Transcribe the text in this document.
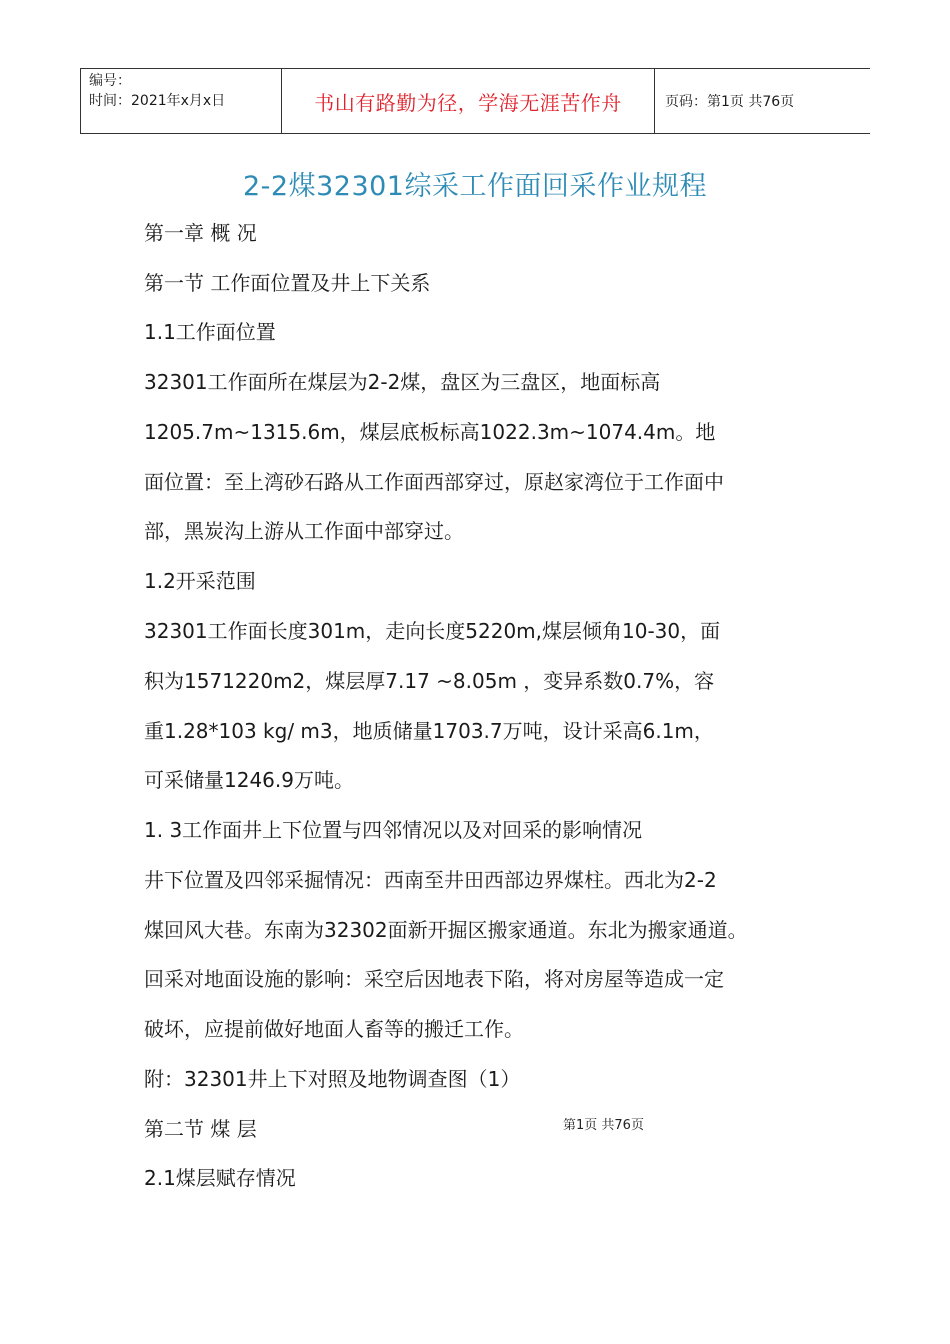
编号：
时间：2021年x月x日	书山有路勤为径，学海无涯苦作舟	页码：第1页 共76页
2-2煤32301综采工作面回采作业规程
第一章 概 况
第一节 工作面位置及井上下关系
1.1工作面位置
32301工作面所在煤层为2-2煤，盘区为三盘区，地面标高
1205.7m~1315.6m，煤层底板标高1022.3m~1074.4m。地
面位置：至上湾砂石路从工作面西部穿过，原赵家湾位于工作面中
部，黑炭沟上游从工作面中部穿过。
1.2开采范围
32301工作面长度301m，走向长度5220m,煤层倾角10-30，面
积为1571220m2，煤层厚7.17 ~8.05m ，变异系数0.7%，容
重1.28*103 kg/ m3，地质储量1703.7万吨，设计采高6.1m，
可采储量1246.9万吨。
1. 3工作面井上下位置与四邻情况以及对回采的影响情况
井下位置及四邻采掘情况：西南至井田西部边界煤柱。西北为2-2
煤回风大巷。东南为32302面新开掘区搬家通道。东北为搬家通道。
回采对地面设施的影响：采空后因地表下陷，将对房屋等造成一定
破坏，应提前做好地面人畜等的搬迁工作。
附：32301井上下对照及地物调查图（1）
第二节 煤 层
2.1煤层赋存情况
第1页 共76页
